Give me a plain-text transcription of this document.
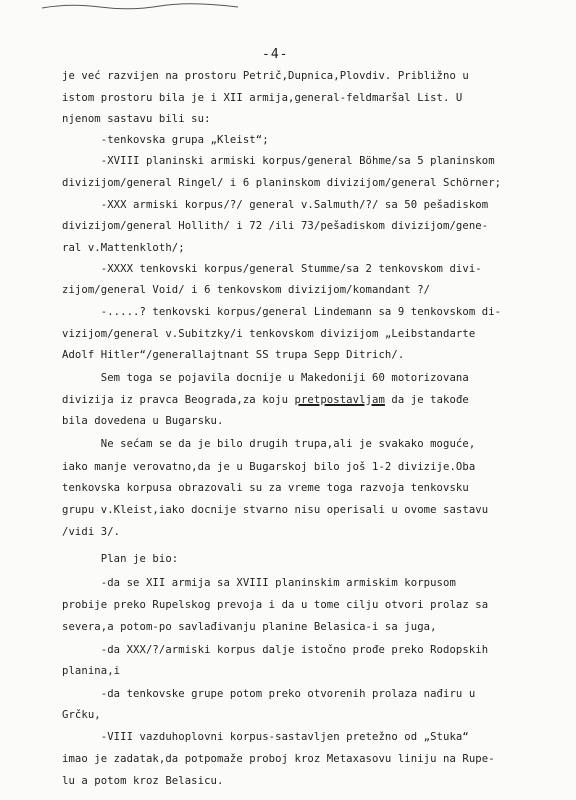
-4-
je već razvijen na prostoru Petrič,Dupnica,Plovdiv. Približno u
istom prostoru bila je i XII armija,general-feldmaršal List. U
njenom sastavu bili su:
-tenkovska grupa „Kleist“;
-XVIII planinski armiski korpus/general Böhme/sa 5 planinskom
divizijom/general Ringel/ i 6 planinskom divizijom/general Schörner;
-XXX armiski korpus/?/ general v.Salmuth/?/ sa 50 pešadiskom
divizijom/general Hollith/ i 72 /ili 73/pešadiskom divizijom/gene-
ral v.Mattenkloth/;
-XXXX tenkovski korpus/general Stumme/sa 2 tenkovskom divi-
zijom/general Void/ i 6 tenkovskom divizijom/komandant ?/
-.....? tenkovski korpus/general Lindemann sa 9 tenkovskom di-
vizijom/general v.Subitzky/i tenkovskom divizijom „Leibstandarte
Adolf Hitler“/generallajtnant SS trupa Sepp Ditrich/.
Sem toga se pojavila docnije u Makedoniji 60 motorizovana
divizija iz pravca Beograda,za koju pretpostavljam da je takođe
bila dovedena u Bugarsku.
Ne sećam se da je bilo drugih trupa,ali je svakako moguće,
iako manje verovatno,da je u Bugarskoj bilo još 1-2 divizije.Oba
tenkovska korpusa obrazovali su za vreme toga razvoja tenkovsku
grupu v.Kleist,iako docnije stvarno nisu operisali u ovome sastavu
/vidi 3/.
Plan je bio:
-da se XII armija sa XVIII planinskim armiskim korpusom
probije preko Rupelskog prevoja i da u tome cilju otvori prolaz sa
severa,a potom-po savlađivanju planine Belasica-i sa juga,
-da XXX/?/armiski korpus dalje istočno prođe preko Rodopskih
planina,i
-da tenkovske grupe potom preko otvorenih prolaza nađiru u
Grčku,
-VIII vazduhoplovni korpus-sastavljen pretežno od „Stuka“
imao je zadatak,da potpomaže proboj kroz Metaxasovu liniju na Rupe-
lu a potom kroz Belasicu.
